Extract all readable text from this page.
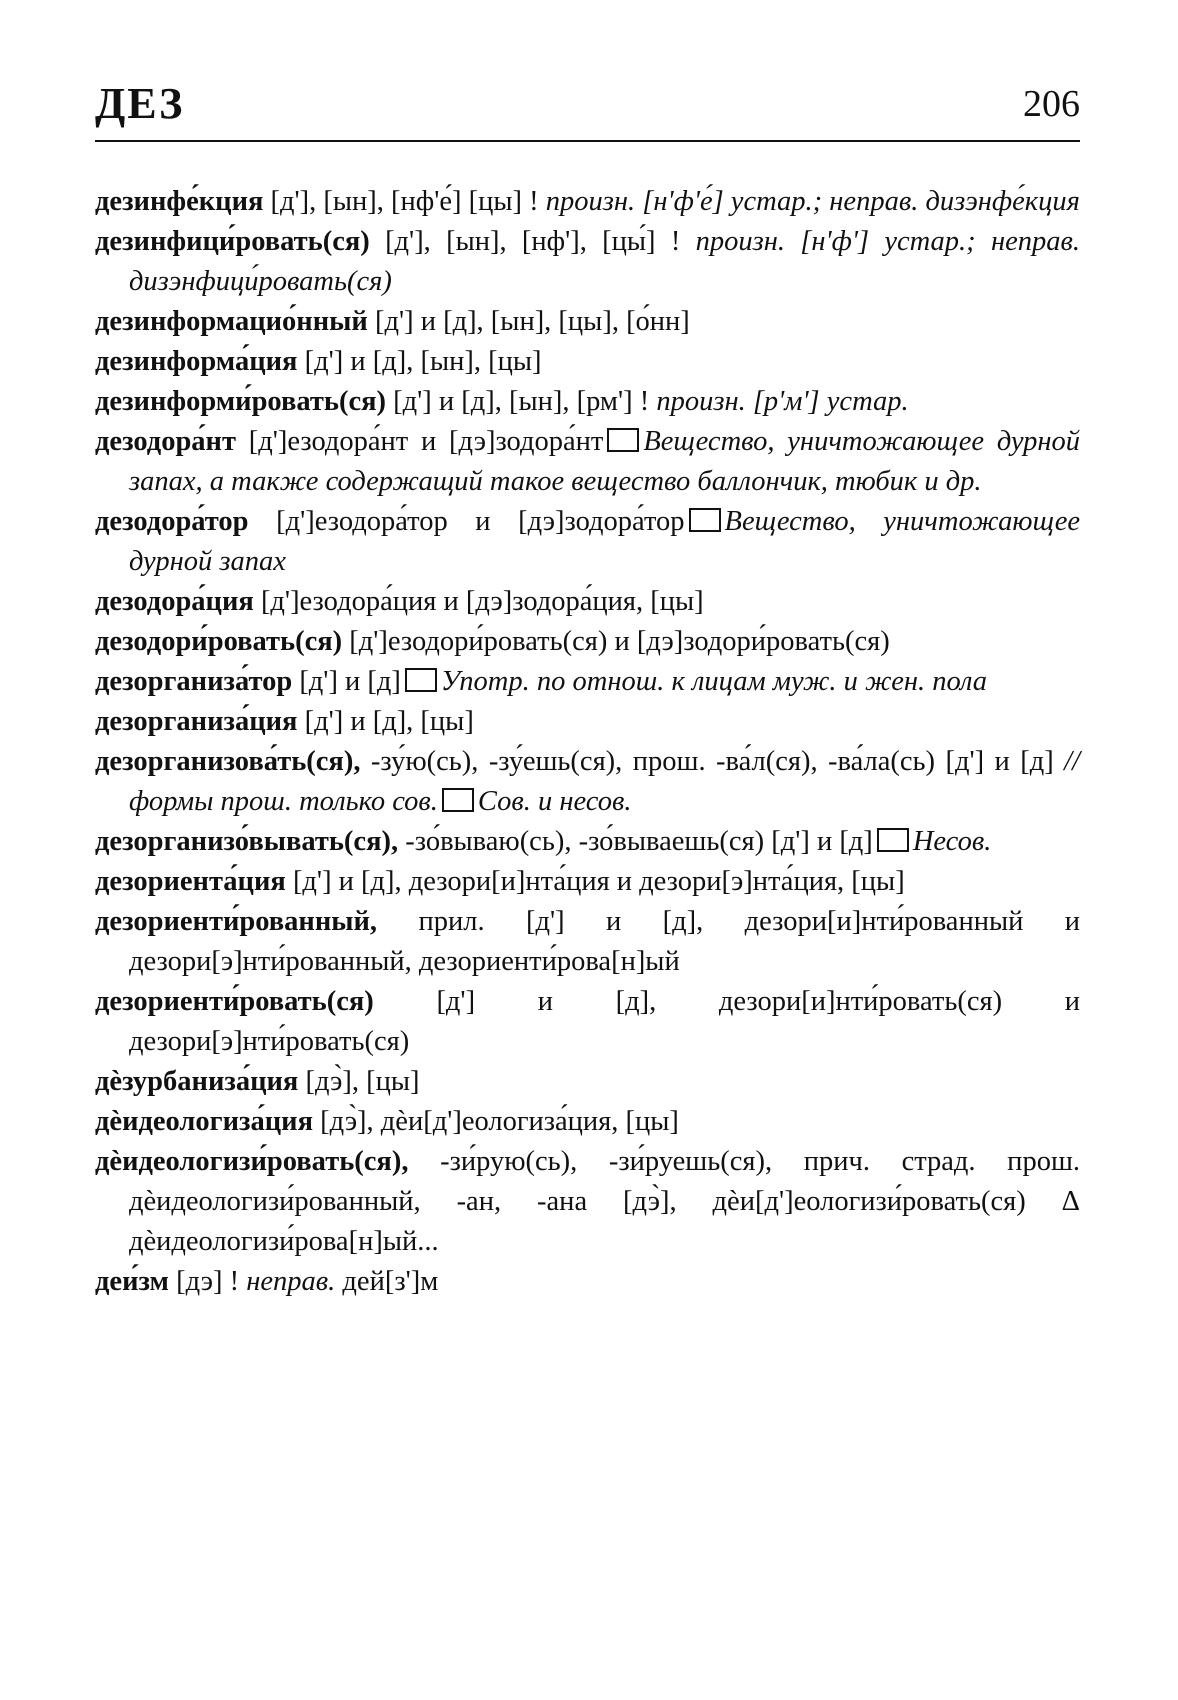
ДЕЗ	206
дезинфе́кция [д'], [ын], [нф'е́] [цы] ! произн. [н'ф'е́] устар.; неправ. дизэнфе́кция
дезинфици́ровать(ся) [д'], [ын], [нф'], [цы́] ! произн. [н'ф'] устар.; неправ. дизэнфици́ровать(ся)
дезинформацио́нный [д'] и [д], [ын], [цы], [о́нн]
дезинформа́ция [д'] и [д], [ын], [цы]
дезинформи́ровать(ся) [д'] и [д], [ын], [рм'] ! произн. [р'м'] устар.
дезодора́нт [д']езодора́нт и [дэ]зодора́нт Вещество, уничтожающее дурной запах, а также содержащий такое вещество баллончик, тюбик и др.
дезодора́тор [д']езодора́тор и [дэ]зодора́тор Вещество, уничтожающее дурной запах
дезодора́ция [д']езодора́ция и [дэ]зодора́ция, [цы]
дезодори́ровать(ся) [д']езодори́ровать(ся) и [дэ]зодори́ровать(ся)
дезорганиза́тор [д'] и [д] Употр. по отнош. к лицам муж. и жен. пола
дезорганиза́ция [д'] и [д], [цы]
дезорганизова́ть(ся), -зу́ю(сь), -зу́ешь(ся), прош. -ва́л(ся), -ва́ла(сь) [д'] и [д] // формы прош. только сов. Сов. и несов.
дезорганизо́вывать(ся), -зо́вываю(сь), -зо́вываешь(ся) [д'] и [д] Несов.
дезориента́ция [д'] и [д], дезори[и]нта́ция и дезори[э]нта́ция, [цы]
дезориенти́рованный, прил. [д'] и [д], дезори[и]нти́рованный и дезори[э]нти́рованный, дезориенти́рова[н]ый
дезориенти́ровать(ся) [д'] и [д], дезори[и]нти́ровать(ся) и дезори[э]нти́ровать(ся)
дѐзурбаниза́ция [дэ̀], [цы]
дѐидеологиза́ция [дэ̀], дѐи[д']еологиза́ция, [цы]
дѐидеологизи́ровать(ся), -зи́рую(сь), -зи́руешь(ся), прич. страд. прош. дѐидеологизи́рованный, -ан, -ана [дэ̀], дѐи[д']еологизи́ровать(ся) Δ дѐидеологизи́рова[н]ый...
деи́зм [дэ] ! неправ. дей[з']м
